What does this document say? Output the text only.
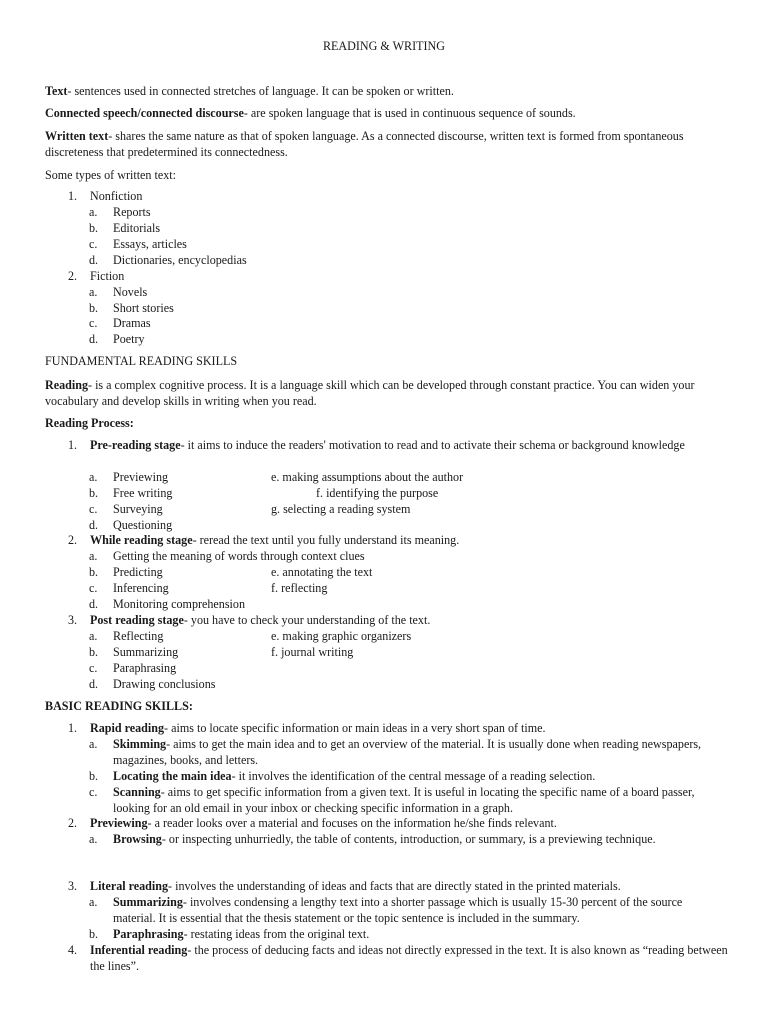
READING & WRITING
Text- sentences used in connected stretches of language. It can be spoken or written.
Connected speech/connected discourse- are spoken language that is used in continuous sequence of sounds.
Written text- shares the same nature as that of spoken language. As a connected discourse, written text is formed from spontaneous discreteness that predetermined its connectedness.
Some types of written text:
1. Nonfiction
a. Reports
b. Editorials
c. Essays, articles
d. Dictionaries, encyclopedias
2. Fiction
a. Novels
b. Short stories
c. Dramas
d. Poetry
FUNDAMENTAL READING SKILLS
Reading- is a complex cognitive process. It is a language skill which can be developed through constant practice. You can widen your vocabulary and develop skills in writing when you read.
Reading Process:
1. Pre-reading stage- it aims to induce the readers' motivation to read and to activate their schema or background knowledge
a. Previewing	e. making assumptions about the author
b. Free writing	f. identifying the purpose
c. Surveying	g. selecting a reading system
d. Questioning
2. While reading stage- reread the text until you fully understand its meaning.
a. Getting the meaning of words through context clues
b. Predicting	e. annotating the text
c. Inferencing	f. reflecting
d. Monitoring comprehension
3. Post reading stage- you have to check your understanding of the text.
a. Reflecting	e. making graphic organizers
b. Summarizing	f. journal writing
c. Paraphrasing
d. Drawing conclusions
BASIC READING SKILLS:
1. Rapid reading- aims to locate specific information or main ideas in a very short span of time.
a. Skimming- aims to get the main idea and to get an overview of the material. It is usually done when reading newspapers, magazines, books, and letters.
b. Locating the main idea- it involves the identification of the central message of a reading selection.
c. Scanning- aims to get specific information from a given text. It is useful in locating the specific name of a board passer, looking for an old email in your inbox or checking specific information in a graph.
2. Previewing- a reader looks over a material and focuses on the information he/she finds relevant.
a. Browsing- or inspecting unhurriedly, the table of contents, introduction, or summary, is a previewing technique.
3. Literal reading- involves the understanding of ideas and facts that are directly stated in the printed materials.
a. Summarizing- involves condensing a lengthy text into a shorter passage which is usually 15-30 percent of the source material. It is essential that the thesis statement or the topic sentence is included in the summary.
b. Paraphrasing- restating ideas from the original text.
4. Inferential reading- the process of deducing facts and ideas not directly expressed in the text. It is also known as “reading between the lines”.
